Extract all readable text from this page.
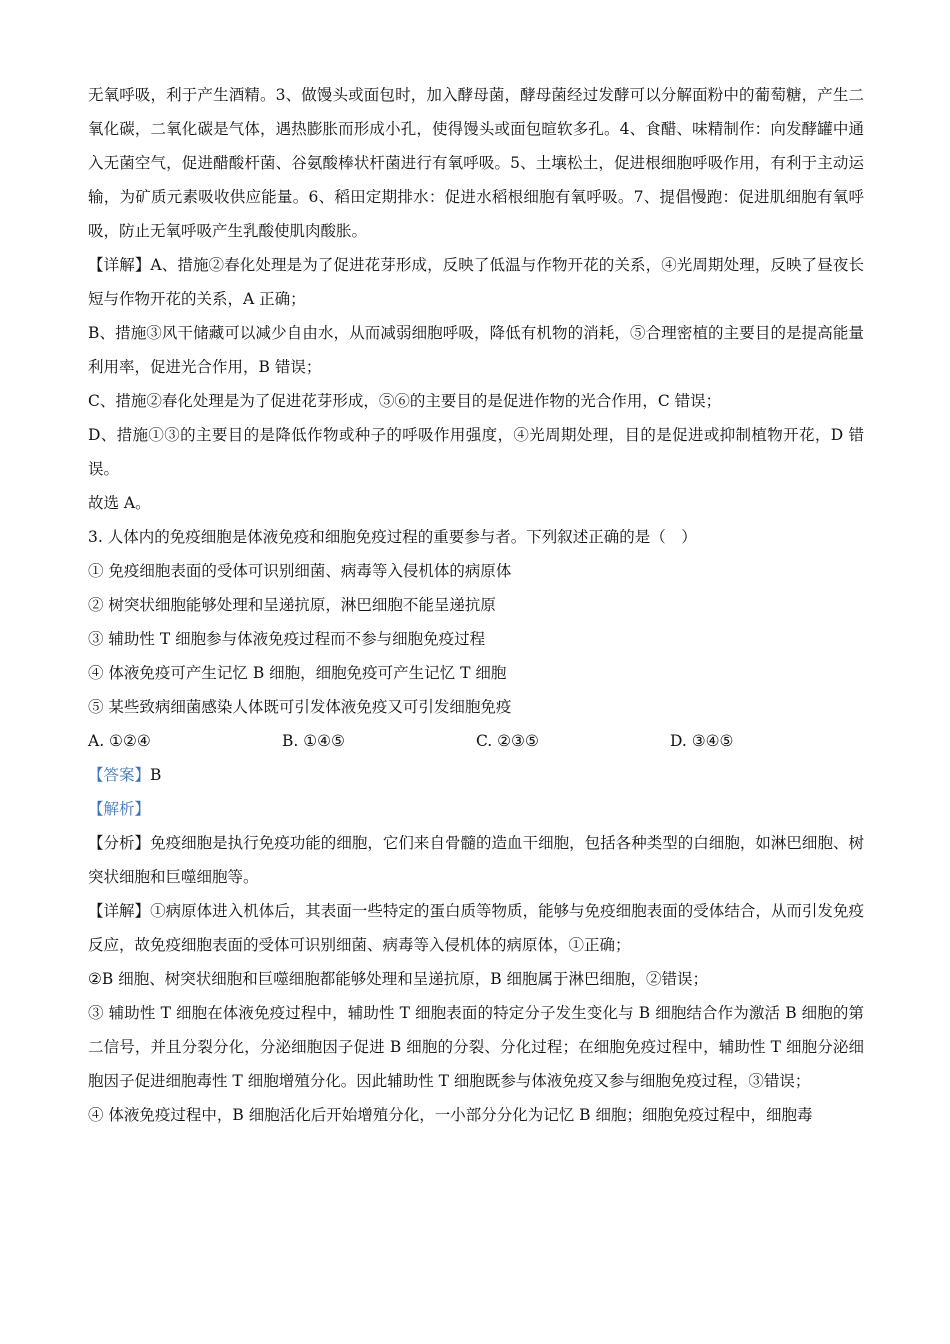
无氧呼吸，利于产生酒精。3、做馒头或面包时，加入酵母菌，酵母菌经过发酵可以分解面粉中的葡萄糖，产生二氧化碳，二氧化碳是气体，遇热膨胀而形成小孔，使得馒头或面包暄软多孔。4、食醋、味精制作：向发酵罐中通入无菌空气，促进醋酸杆菌、谷氨酸棒状杆菌进行有氧呼吸。5、土壤松土，促进根细胞呼吸作用，有利于主动运输，为矿质元素吸收供应能量。6、稻田定期排水：促进水稻根细胞有氧呼吸。7、提倡慢跑：促进肌细胞有氧呼吸，防止无氧呼吸产生乳酸使肌肉酸胀。

【详解】A、措施②春化处理是为了促进花芽形成，反映了低温与作物开花的关系，④光周期处理，反映了昼夜长短与作物开花的关系，A 正确；

B、措施③风干储藏可以减少自由水，从而减弱细胞呼吸，降低有机物的消耗，⑤合理密植的主要目的是提高能量利用率，促进光合作用，B 错误；

C、措施②春化处理是为了促进花芽形成，⑤⑥的主要目的是促进作物的光合作用，C 错误；

D、措施①③的主要目的是降低作物或种子的呼吸作用强度，④光周期处理，目的是促进或抑制植物开花，D 错误。

故选 A。

3. 人体内的免疫细胞是体液免疫和细胞免疫过程的重要参与者。下列叙述正确的是（　）

① 免疫细胞表面的受体可识别细菌、病毒等入侵机体的病原体

② 树突状细胞能够处理和呈递抗原，淋巴细胞不能呈递抗原

③ 辅助性 T 细胞参与体液免疫过程而不参与细胞免疫过程

④ 体液免疫可产生记忆 B 细胞，细胞免疫可产生记忆 T 细胞

⑤ 某些致病细菌感染人体既可引发体液免疫又可引发细胞免疫

A. ①②④	B. ①④⑤	C. ②③⑤	D. ③④⑤

【答案】B

【解析】

【分析】免疫细胞是执行免疫功能的细胞，它们来自骨髓的造血干细胞，包括各种类型的白细胞，如淋巴细胞、树突状细胞和巨噬细胞等。

【详解】①病原体进入机体后，其表面一些特定的蛋白质等物质，能够与免疫细胞表面的受体结合，从而引发免疫反应，故免疫细胞表面的受体可识别细菌、病毒等入侵机体的病原体，①正确；

②B 细胞、树突状细胞和巨噬细胞都能够处理和呈递抗原，B 细胞属于淋巴细胞，②错误；

③ 辅助性 T 细胞在体液免疫过程中，辅助性 T 细胞表面的特定分子发生变化与 B 细胞结合作为激活 B 细胞的第二信号，并且分裂分化，分泌细胞因子促进 B 细胞的分裂、分化过程；在细胞免疫过程中，辅助性 T 细胞分泌细胞因子促进细胞毒性 T 细胞增殖分化。因此辅助性 T 细胞既参与体液免疫又参与细胞免疫过程，③错误；

④ 体液免疫过程中，B 细胞活化后开始增殖分化，一小部分分化为记忆 B 细胞；细胞免疫过程中，细胞毒
